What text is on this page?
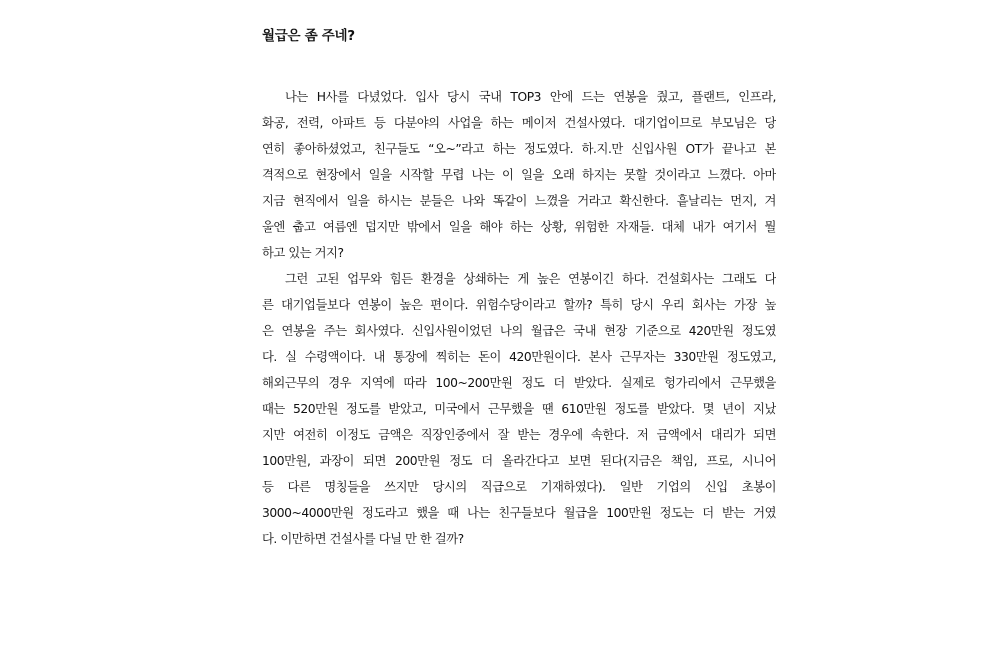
월급은 좀 주네?
나는 H사를 다녔었다. 입사 당시 국내 TOP3 안에 드는 연봉을 줬고, 플랜트, 인프라,
화공, 전력, 아파트 등 다분야의 사업을 하는 메이저 건설사였다. 대기업이므로 부모님은 당
연히 좋아하셨었고, 친구들도 “오~”라고 하는 정도였다. 하.지.만 신입사원 OT가 끝나고 본
격적으로 현장에서 일을 시작할 무렵 나는 이 일을 오래 하지는 못할 것이라고 느꼈다. 아마
지금 현직에서 일을 하시는 분들은 나와 똑같이 느꼈을 거라고 확신한다. 흩날리는 먼지, 겨
울엔 춥고 여름엔 덥지만 밖에서 일을 해야 하는 상황, 위험한 자재들. 대체 내가 여기서 뭘
하고 있는 거지?
그런 고된 업무와 힘든 환경을 상쇄하는 게 높은 연봉이긴 하다. 건설회사는 그래도 다
른 대기업들보다 연봉이 높은 편이다. 위험수당이라고 할까? 특히 당시 우리 회사는 가장 높
은 연봉을 주는 회사였다. 신입사원이었던 나의 월급은 국내 현장 기준으로 420만원 정도였
다. 실 수령액이다. 내 통장에 찍히는 돈이 420만원이다. 본사 근무자는 330만원 정도였고,
해외근무의 경우 지역에 따라 100~200만원 정도 더 받았다. 실제로 헝가리에서 근무했을
때는 520만원 정도를 받았고, 미국에서 근무했을 땐 610만원 정도를 받았다. 몇 년이 지났
지만 여전히 이정도 금액은 직장인중에서 잘 받는 경우에 속한다. 저 금액에서 대리가 되면
100만원, 과장이 되면 200만원 정도 더 올라간다고 보면 된다(지금은 책임, 프로, 시니어
등 다른 명칭들을 쓰지만 당시의 직급으로 기재하였다). 일반 기업의 신입 초봉이
3000~4000만원 정도라고 했을 때 나는 친구들보다 월급을 100만원 정도는 더 받는 거였
다. 이만하면 건설사를 다닐 만 한 걸까?
